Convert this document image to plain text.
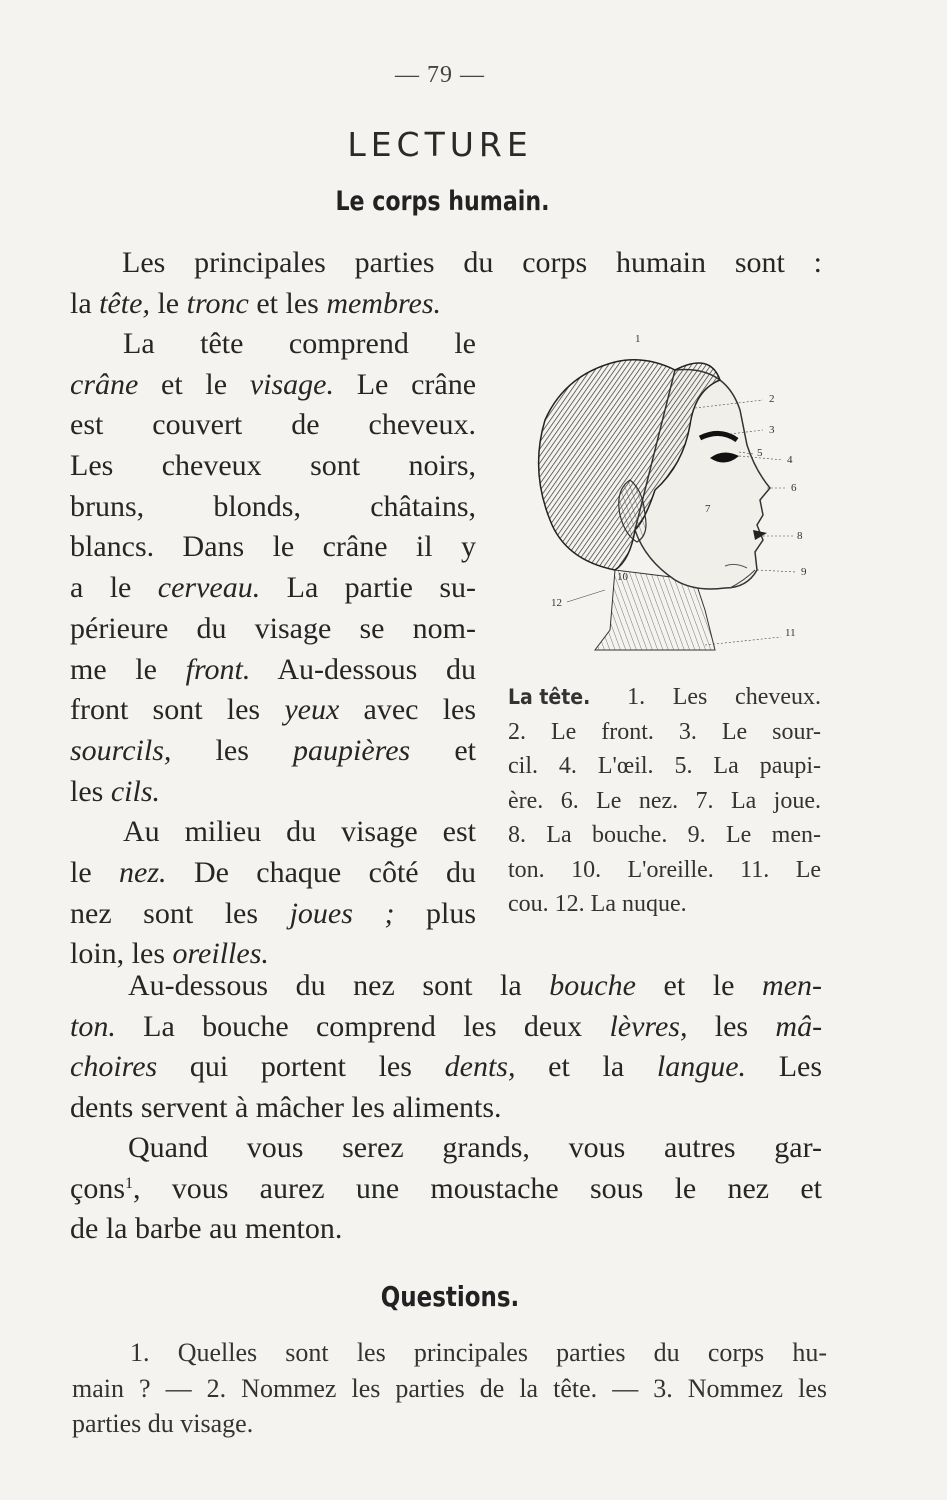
— 79 —
LECTURE
Le corps humain.
Les principales parties du corps humain sont :
la tête, le tronc et les membres.
La tête comprend le
crâne et le visage. Le crâne
est couvert de cheveux.
Les cheveux sont noirs,
bruns, blonds, châtains,
blancs. Dans le crâne il y
a le cerveau. La partie su-
périeure du visage se nom-
me le front. Au-dessous du
front sont les yeux avec les
sourcils, les paupières et
les cils.
Au milieu du visage est
le nez. De chaque côté du
nez sont les joues ; plus
loin, les oreilles.
1
2
3
5
4
6
7
8
9
10
11
12
La tête. 1. Les cheveux.
2. Le front. 3. Le sour-
cil. 4. L'œil. 5. La paupi-
ère. 6. Le nez. 7. La joue.
8. La bouche. 9. Le men-
ton. 10. L'oreille. 11. Le
cou. 12. La nuque.
Au-dessous du nez sont la bouche et le men-
ton. La bouche comprend les deux lèvres, les mâ-
choires qui portent les dents, et la langue. Les
dents servent à mâcher les aliments.
Quand vous serez grands, vous autres gar-
çons$^1$, vous aurez une moustache sous le nez et
de la barbe au menton.
Questions.
1. Quelles sont les principales parties du corps hu-
main ? — 2. Nommez les parties de la tête. — 3. Nommez les
parties du visage.
